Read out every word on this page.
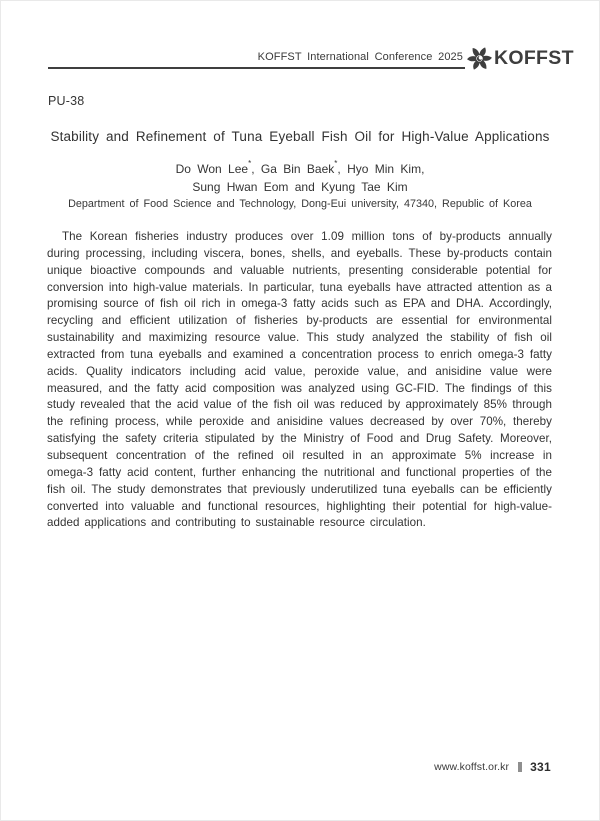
KOFFST International Conference 2025 KOFFST
PU-38
Stability and Refinement of Tuna Eyeball Fish Oil for High-Value Applications
Do Won Lee*, Ga Bin Baek*, Hyo Min Kim,
Sung Hwan Eom and Kyung Tae Kim
Department of Food Science and Technology, Dong-Eui university, 47340, Republic of Korea

The Korean fisheries industry produces over 1.09 million tons of by-products annually during processing, including viscera, bones, shells, and eyeballs. These by-products contain unique bioactive compounds and valuable nutrients, presenting considerable potential for conversion into high-value materials. In particular, tuna eyeballs have attracted attention as a promising source of fish oil rich in omega-3 fatty acids such as EPA and DHA. Accordingly, recycling and efficient utilization of fisheries by-products are essential for environmental sustainability and maximizing resource value. This study analyzed the stability of fish oil extracted from tuna eyeballs and examined a concentration process to enrich omega-3 fatty acids. Quality indicators including acid value, peroxide value, and anisidine value were measured, and the fatty acid composition was analyzed using GC-FID. The findings of this study revealed that the acid value of the fish oil was reduced by approximately 85% through the refining process, while peroxide and anisidine values decreased by over 70%, thereby satisfying the safety criteria stipulated by the Ministry of Food and Drug Safety. Moreover, subsequent concentration of the refined oil resulted in an approximate 5% increase in omega-3 fatty acid content, further enhancing the nutritional and functional properties of the fish oil. The study demonstrates that previously underutilized tuna eyeballs can be efficiently converted into valuable and functional resources, highlighting their potential for high-value-added applications and contributing to sustainable resource circulation.

www.koffst.or.kr 331
